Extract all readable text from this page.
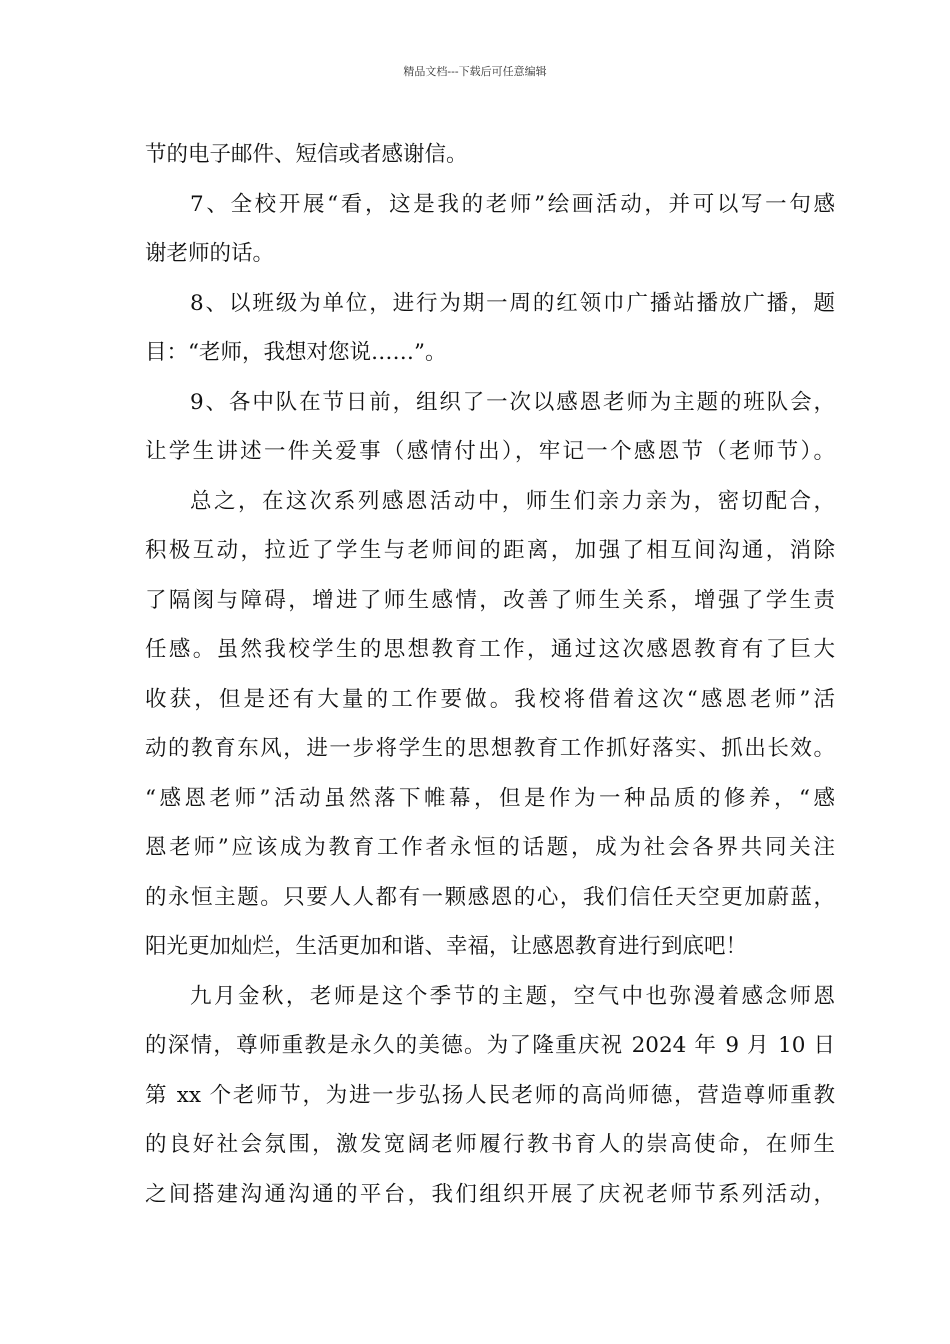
精品文档---下载后可任意编辑
节的电子邮件、短信或者感谢信。
7、全校开展“看，这是我的老师”绘画活动，并可以写一句感
谢老师的话。
8、以班级为单位，进行为期一周的红领巾广播站播放广播，题
目：“老师，我想对您说……”。
9、各中队在节日前，组织了一次以感恩老师为主题的班队会，
让学生讲述一件关爱事（感情付出），牢记一个感恩节（老师节）。
总之，在这次系列感恩活动中，师生们亲力亲为，密切配合，
积极互动，拉近了学生与老师间的距离，加强了相互间沟通，消除
了隔阂与障碍，增进了师生感情，改善了师生关系，增强了学生责
任感。虽然我校学生的思想教育工作，通过这次感恩教育有了巨大
收获，但是还有大量的工作要做。我校将借着这次“感恩老师”活
动的教育东风，进一步将学生的思想教育工作抓好落实、抓出长效。
“感恩老师”活动虽然落下帷幕，但是作为一种品质的修养，“感
恩老师”应该成为教育工作者永恒的话题，成为社会各界共同关注
的永恒主题。只要人人都有一颗感恩的心，我们信任天空更加蔚蓝，
阳光更加灿烂，生活更加和谐、幸福，让感恩教育进行到底吧！
九月金秋，老师是这个季节的主题，空气中也弥漫着感念师恩
的深情，尊师重教是永久的美德。为了隆重庆祝 2024 年 9 月 10 日
第 xx 个老师节，为进一步弘扬人民老师的高尚师德，营造尊师重教
的良好社会氛围，激发宽阔老师履行教书育人的崇高使命，在师生
之间搭建沟通沟通的平台，我们组织开展了庆祝老师节系列活动，
